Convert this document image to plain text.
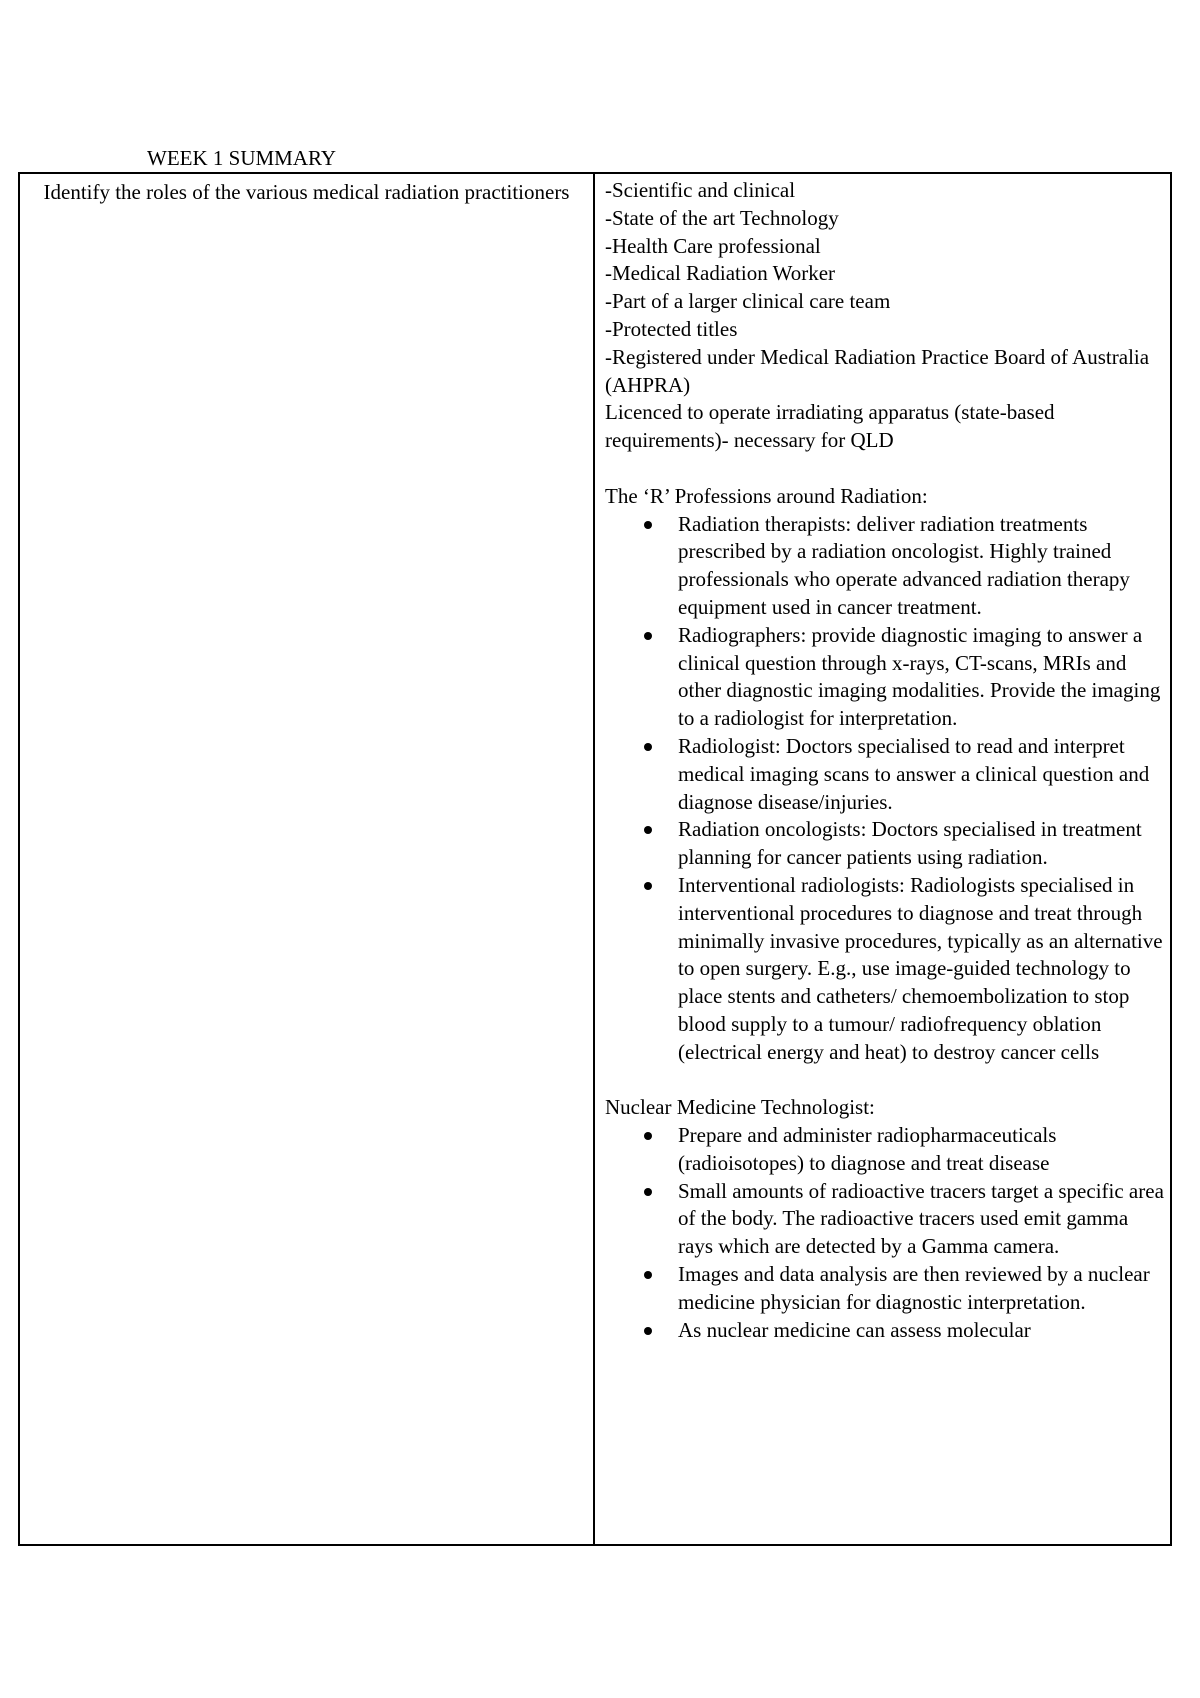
WEEK 1 SUMMARY
Identify the roles of the various medical radiation practitioners	-Scientific and clinical
-State of the art Technology
-Health Care professional
-Medical Radiation Worker
-Part of a larger clinical care team
-Protected titles
-Registered under Medical Radiation Practice Board of Australia (AHPRA)
Licenced to operate irradiating apparatus (state-based requirements)- necessary for QLD
The ‘R’ Professions around Radiation:
Radiation therapists: deliver radiation treatments prescribed by a radiation oncologist. Highly trained professionals who operate advanced radiation therapy equipment used in cancer treatment.
Radiographers: provide diagnostic imaging to answer a clinical question through x-rays, CT-scans, MRIs and other diagnostic imaging modalities. Provide the imaging to a radiologist for interpretation.
Radiologist: Doctors specialised to read and interpret medical imaging scans to answer a clinical question and diagnose disease/injuries.
Radiation oncologists: Doctors specialised in treatment planning for cancer patients using radiation.
Interventional radiologists: Radiologists specialised in interventional procedures to diagnose and treat through minimally invasive procedures, typically as an alternative to open surgery. E.g., use image-guided technology to place stents and catheters/ chemoembolization to stop blood supply to a tumour/ radiofrequency oblation (electrical energy and heat) to destroy cancer cells
Nuclear Medicine Technologist:
Prepare and administer radiopharmaceuticals (radioisotopes) to diagnose and treat disease
Small amounts of radioactive tracers target a specific area of the body. The radioactive tracers used emit gamma rays which are detected by a Gamma camera.
Images and data analysis are then reviewed by a nuclear medicine physician for diagnostic interpretation.
As nuclear medicine can assess molecular
